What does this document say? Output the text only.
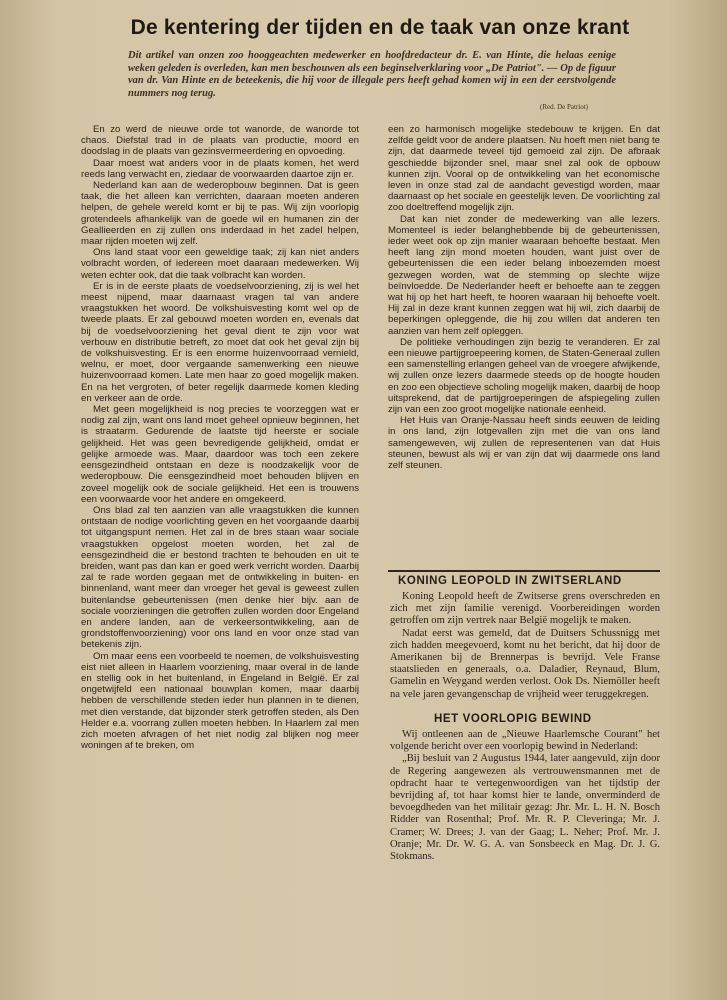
De kentering der tijden en de taak van onze krant
Dit artikel van onzen zoo hooggeachten medewerker en hoofdredacteur dr. E. van Hinte, die helaas eenige weken geleden is overleden, kan men beschouwen als een beginselverklaring voor „De Patriot". — Op de figuur van dr. Van Hinte en de beteekenis, die hij voor de illegale pers heeft gehad komen wij in een der eerstvolgende nummers nog terug.
(Red. De Patriot)

En zo werd de nieuwe orde tot wanorde, de wanorde tot chaos. Diefstal trad in de plaats van productie, moord en doodslag in de plaats van gezinsvermeerdering en opvoeding.

Daar moest wat anders voor in de plaats komen, het werd reeds lang verwacht en, ziedaar de voorwaarden daartoe zijn er.

Nederland kan aan de wederopbouw beginnen. Dat is geen taak, die het alleen kan verrichten, daaraan moeten anderen helpen, de gehele wereld komt er bij te pas. Wij zijn voorlopig grotendeels afhankelijk van de goede wil en humanen zin der Geallieerden en zij zullen ons inderdaad in het zadel helpen, maar rijden moeten wij zelf.

Ons land staat voor een geweldige taak; zij kan niet anders volbracht worden, of iedereen moet daaraan medewerken. Wij weten echter ook, dat die taak volbracht kan worden.

Er is in de eerste plaats de voedselvoorziening, zij is wel het meest nijpend, maar daarnaast vragen tal van andere vraagstukken het woord. De volkshuisvesting komt wel op de tweede plaats. Er zal gebouwd moeten worden en, evenals dat bij de voedselvoorziening het geval dient te zijn voor wat verbouw en distributie betreft, zo moet dat ook het geval zijn bij de volkshuisvesting. Er is een enorme huizenvoorraad vernield, welnu, er moet, door vergaande samenwerking een nieuwe huizenvoorraad komen. Late men haar zo goed mogelijk maken. En na het vergroten, of beter regelijk daarmede komen kleding en verkeer aan de orde.

Met geen mogelijkheid is nog precies te voorzeggen wat er nodig zal zijn, want ons land moet geheel opnieuw beginnen, het is straatarm. Gedurende de laatste tijd heerste er sociale gelijkheid. Het was geen bevredigende gelijkheid, omdat er gelijke armoede was. Maar, daardoor was toch een zekere eensgezindheid ontstaan en deze is noodzakelijk voor de wederopbouw. Die eensgezindheid moet behouden blijven en zoveel mogelijk ook de sociale gelijkheid. Het een is trouwens een voorwaarde voor het andere en omgekeerd.

Ons blad zal ten aanzien van alle vraagstukken die kunnen ontstaan de nodige voorlichting geven en het voorgaande daarbij tot uitgangspunt nemen. Het zal in de bres staan waar sociale vraagstukken opgelost moeten worden, het zal de eensgezindheid die er bestond trachten te behouden en uit te breiden, want pas dan kan er goed werk verricht worden. Daarbij zal te rade worden gegaan met de ontwikkeling in buiten- en binnenland, want meer dan vroeger het geval is geweest zullen buitenlandse gebeurtenissen (men denke hier bijv. aan de sociale voorzieningen die getroffen zullen worden door Engeland en andere landen, aan de verkeersontwikkeling, aan de grondstoffenvoorziening) voor ons land en voor onze stad van betekenis zijn.

Om maar eens een voorbeeld te noemen, de volkshuisvesting eist niet alleen in Haarlem voorziening, maar overal in de lande en stellig ook in het buitenland, in Engeland in België. Er zal ongetwijfeld een nationaal bouwplan komen, maar daarbij hebben de verschillende steden ieder hun plannen in te dienen, met dien verstande, dat bijzonder sterk getroffen steden, als Den Helder e.a. voorrang zullen moeten hebben. In Haarlem zal men zich moeten afvragen of het niet nodig zal blijken nog meer woningen af te breken, om

een zo harmonisch mogelijke stedebouw te krijgen. En dat zelfde geldt voor de andere plaatsen. Nu hoeft men niet bang te zijn, dat daarmede teveel tijd gemoeid zal zijn. De afbraak geschiedde bijzonder snel, maar snel zal ook de opbouw kunnen zijn. Vooral op de ontwikkeling van het economische leven in onze stad zal de aandacht gevestigd worden, maar daarnaast op het sociale en geestelijk leven. De voorlichting zal zoo doeltreffend mogelijk zijn.

Dat kan niet zonder de medewerking van alle lezers. Momenteel is ieder belanghebbende bij de gebeurtenissen, ieder weet ook op zijn manier waaraan behoefte bestaat. Men heeft lang zijn mond moeten houden, want juist over de gebeurtenissen die een ieder belang inboezemden moest gezwegen worden, wat de stemming op slechte wijze beïnvloedde. De Nederlander heeft er behoefte aan te zeggen wat hij op het hart heeft, te hooren waaraan hij behoefte voelt. Hij zal in deze krant kunnen zeggen wat hij wil, zich daarbij de beperkingen opleggende, die hij zou willen dat anderen ten aanzien van hem zelf opleggen.

De politieke verhoudingen zijn bezig te veranderen. Er zal een nieuwe partijgroepeering komen, de Staten-Generaal zullen een samenstelling erlangen geheel van de vroegere afwijkende, wij zullen onze lezers daarmede steeds op de hoogte houden en zoo een objectieve scholing mogelijk maken, daarbij de hoop uitsprekend, dat de partijgroeperingen de afspiegeling zullen zijn van een zoo groot mogelijke nationale eenheid.

Het Huis van Oranje-Nassau heeft sinds eeuwen de leiding in ons land, zijn lotgevallen zijn met die van ons land samengeweven, wij zullen de representenen van dat Huis steunen, bewust als wij er van zijn dat wij daarmede ons land zelf steunen.

KONING LEOPOLD IN ZWITSERLAND

Koning Leopold heeft de Zwitserse grens overschreden en zich met zijn familie verenigd. Voorbereidingen worden getroffen om zijn vertrek naar België mogelijk te maken.

Nadat eerst was gemeld, dat de Duitsers Schussnigg met zich hadden meegevoerd, komt nu het bericht, dat hij door de Amerikanen bij de Brennerpas is bevrijd. Vele Franse staatslieden en generaals, o.a. Daladier, Reynaud, Blum, Gamelin en Weygand werden verlost. Ook Ds. Niemöller heeft na vele jaren gevangenschap de vrijheid weer teruggekregen.

HET VOORLOPIG BEWIND

Wij ontleenen aan de „Nieuwe Haarlemsche Courant" het volgende bericht over een voorlopig bewind in Nederland:

„Bij besluit van 2 Augustus 1944, later aangevuld, zijn door de Regering aangewezen als vertrouwensmannen met de opdracht haar te vertegenwoordigen van het tijdstip der bevrijding af, tot haar komst hier te lande, onverminderd de bevoegdheden van het militair gezag: Jhr. Mr. L. H. N. Bosch Ridder van Rosenthal; Prof. Mr. R. P. Cleveringa; Mr. J. Cramer; W. Drees; J. van der Gaag; L. Neher; Prof. Mr. J. Oranje; Mr. Dr. W. G. A. van Sonsbeeck en Mag. Dr. J. G. Stokmans.
